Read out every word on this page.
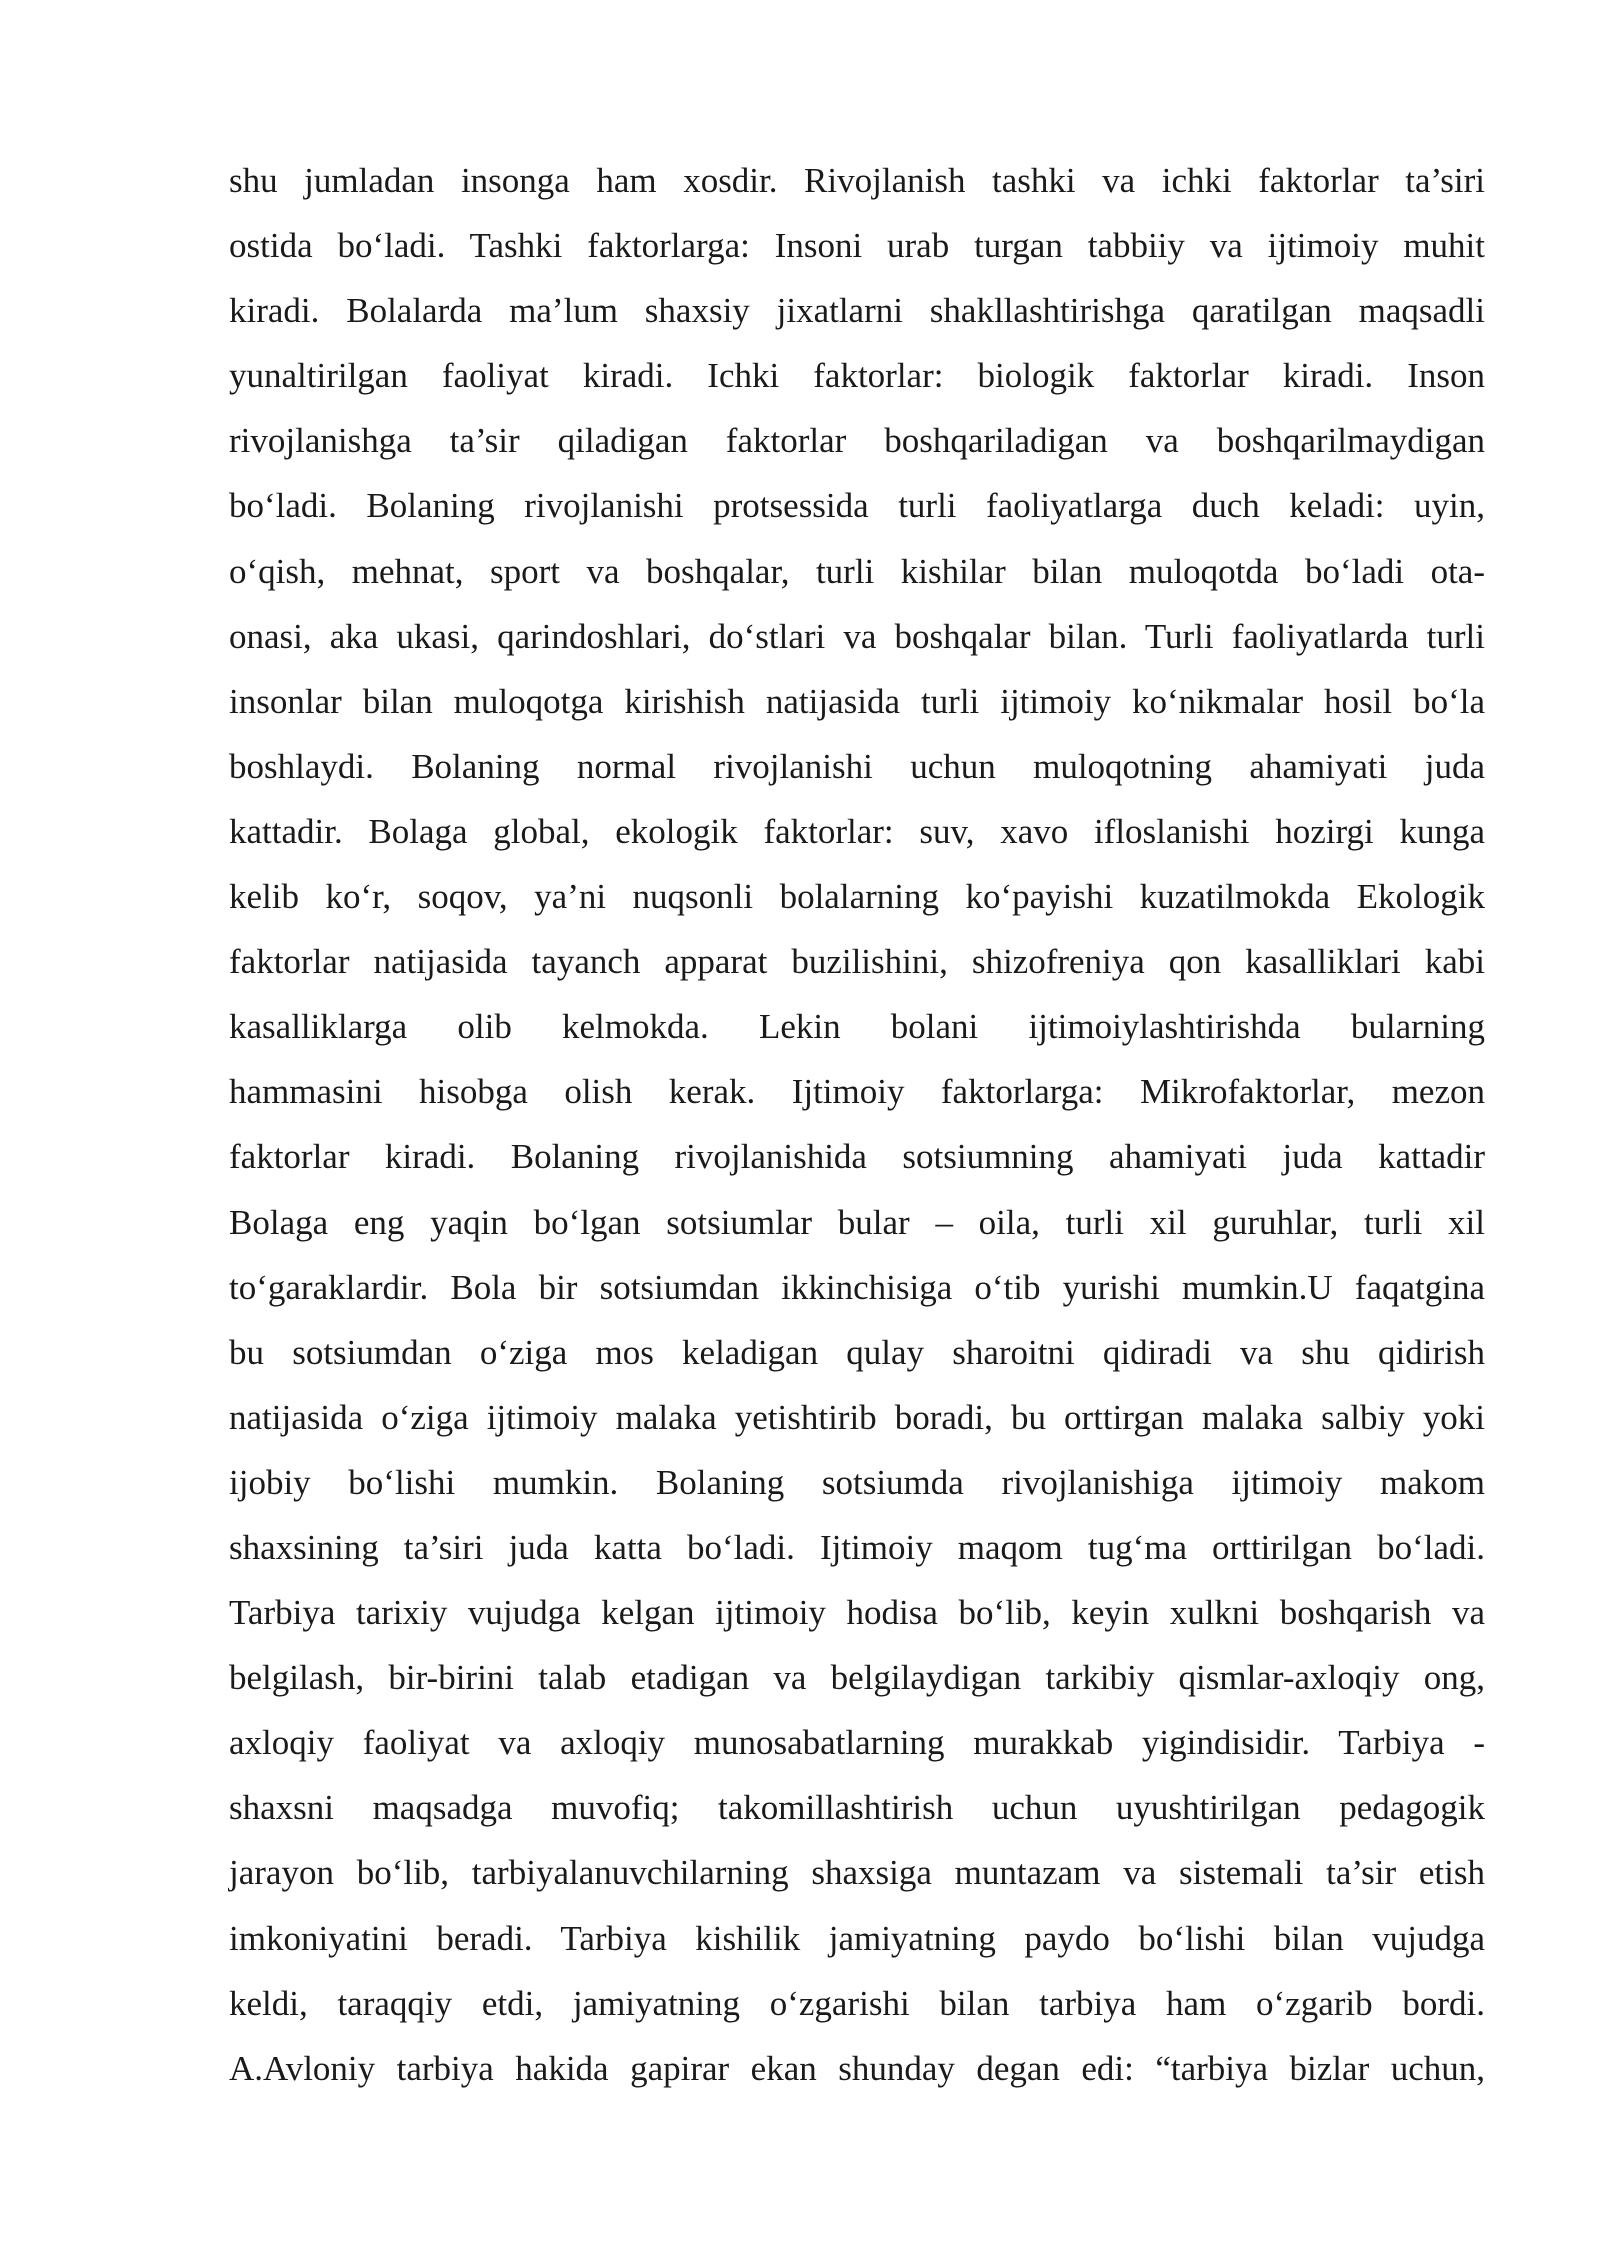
shu jumladan insonga ham xosdir. Rivojlanish tashki va ichki faktorlar ta’siri
ostida bo‘ladi. Tashki faktorlarga: Insoni urab turgan tabbiiy va ijtimoiy muhit
kiradi. Bolalarda ma’lum shaxsiy jixatlarni shakllashtirishga qaratilgan maqsadli
yunaltirilgan faoliyat kiradi. Ichki faktorlar: biologik faktorlar kiradi. Inson
rivojlanishga ta’sir qiladigan faktorlar boshqariladigan va boshqarilmaydigan
bo‘ladi. Bolaning rivojlanishi protsessida turli faoliyatlarga duch keladi: uyin,
o‘qish, mehnat, sport va boshqalar, turli kishilar bilan muloqotda bo‘ladi ota-
onasi, aka ukasi, qarindoshlari, do‘stlari va boshqalar bilan. Turli faoliyatlarda turli
insonlar bilan muloqotga kirishish natijasida turli ijtimoiy ko‘nikmalar hosil bo‘la
boshlaydi. Bolaning normal rivojlanishi uchun muloqotning ahamiyati juda
kattadir. Bolaga global, ekologik faktorlar: suv, xavo ifloslanishi hozirgi kunga
kelib ko‘r, soqov, ya’ni nuqsonli bolalarning ko‘payishi kuzatilmokda Ekologik
faktorlar natijasida tayanch apparat buzilishini, shizofreniya qon kasalliklari kabi
kasalliklarga olib kelmokda. Lekin bolani ijtimoiylashtirishda bularning
hammasini hisobga olish kerak. Ijtimoiy faktorlarga: Mikrofaktorlar, mezon
faktorlar kiradi. Bolaning rivojlanishida sotsiumning ahamiyati juda kattadir
Bolaga eng yaqin bo‘lgan sotsiumlar bular – oila, turli xil guruhlar, turli xil
to‘garaklardir. Bola bir sotsiumdan ikkinchisiga o‘tib yurishi mumkin.U faqatgina
bu sotsiumdan o‘ziga mos keladigan qulay sharoitni qidiradi va shu qidirish
natijasida o‘ziga ijtimoiy malaka yetishtirib boradi, bu orttirgan malaka salbiy yoki
ijobiy bo‘lishi mumkin. Bolaning sotsiumda rivojlanishiga ijtimoiy makom
shaxsining ta’siri juda katta bo‘ladi. Ijtimoiy maqom tug‘ma orttirilgan bo‘ladi.
Tarbiya tarixiy vujudga kelgan ijtimoiy hodisa bo‘lib, keyin xulkni boshqarish va
belgilash, bir-birini talab etadigan va belgilaydigan tarkibiy qismlar-axloqiy ong,
axloqiy faoliyat va axloqiy munosabatlarning murakkab yigindisidir. Tarbiya -
shaxsni maqsadga muvofiq; takomillashtirish uchun uyushtirilgan pedagogik
jarayon bo‘lib, tarbiyalanuvchilarning shaxsiga muntazam va sistemali ta’sir etish
imkoniyatini beradi. Tarbiya kishilik jamiyatning paydo bo‘lishi bilan vujudga
keldi, taraqqiy etdi, jamiyatning o‘zgarishi bilan tarbiya ham o‘zgarib bordi.
A.Avloniy tarbiya hakida gapirar ekan shunday degan edi: “tarbiya bizlar uchun,
